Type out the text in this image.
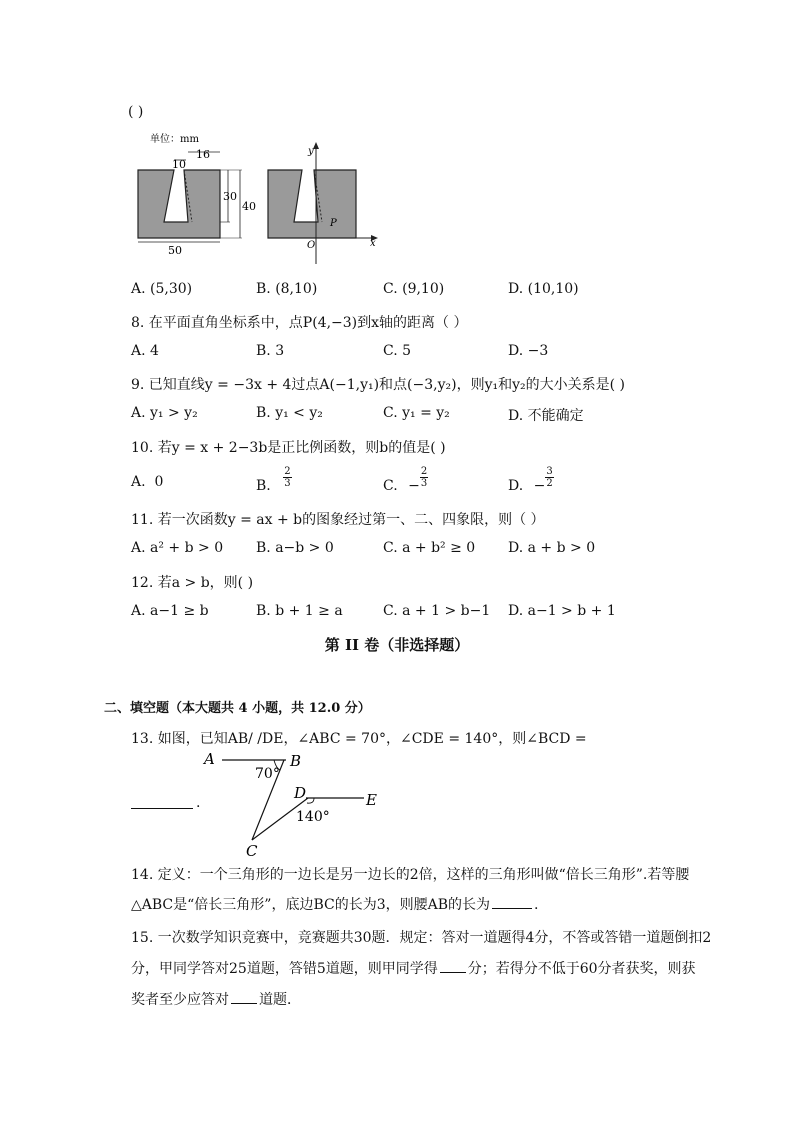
( )
单位：mm
10
16
30
40
50
y
x
O
P
A. (5,30)	B. (8,10)	C. (9,10)	D. (10,10)
8. 在平面直角坐标系中，点P(4,−3)到x轴的距离（ ）
A. 4	B. 3	C. 5	D. −3
9. 已知直线y = −3x + 4过点A(−1,y₁)和点(−3,y₂)，则y₁和y₂的大小关系是( )
A. y₁ > y₂	B. y₁ < y₂	C. y₁ = y₂	D. 不能确定
10. 若y = x + 2−3b是正比例函数，则b的值是( )
A. 0	B. $\frac{2}{3}$	C. − $\frac{2}{3}$	D. − $\frac{3}{2}$
11. 若一次函数y = ax + b的图象经过第一、二、四象限，则（ ）
A. a² + b > 0 B. a−b > 0	C. a + b² ≥ 0 D. a + b > 0
12. 若a > b，则( )
A. a−1 ≥ b	B. b + 1 ≥ a	C. a + 1 > b−1 D. a−1 > b + 1
第 II 卷（非选择题）
二、填空题（本大题共 4 小题，共 12.0 分）
13. 如图，已知AB/ /DE，∠ABC = 70°，∠CDE = 140°，则∠BCD =
.
A	B
C
D	E
70°
140°
14. 定义：一个三角形的一边长是另一边长的2倍，这样的三角形叫做“倍长三角形”.若等腰
△ABC是“倍长三角形”，底边BC的长为3，则腰AB的长为	.
15. 一次数学知识竞赛中，竞赛题共30题．规定：答对一道题得4分，不答或答错一道题倒扣2
分，甲同学答对25道题，答错5道题，则甲同学得 分；若得分不低于60分者获奖，则获
奖者至少应答对 道题．
